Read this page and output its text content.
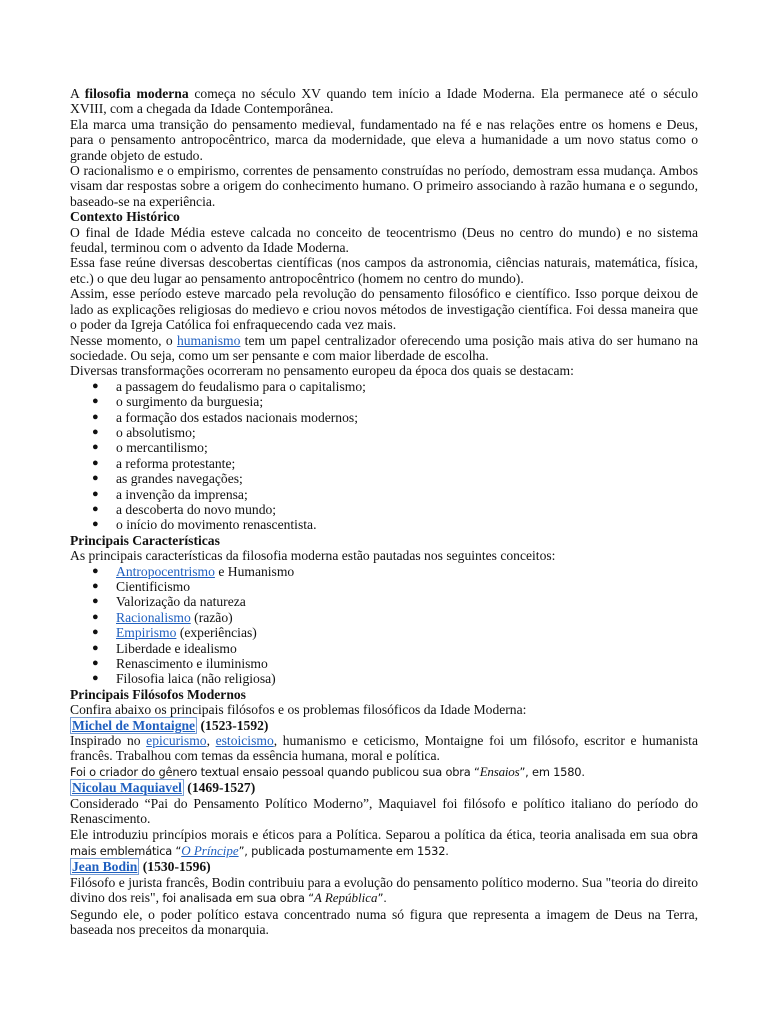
A filosofia moderna começa no século XV quando tem início a Idade Moderna. Ela permanece até o século XVIII, com a chegada da Idade Contemporânea.

Ela marca uma transição do pensamento medieval, fundamentado na fé e nas relações entre os homens e Deus, para o pensamento antropocêntrico, marca da modernidade, que eleva a humanidade a um novo status como o grande objeto de estudo.

O racionalismo e o empirismo, correntes de pensamento construídas no período, demostram essa mudança. Ambos visam dar respostas sobre a origem do conhecimento humano. O primeiro associando à razão humana e o segundo, baseado-se na experiência.

Contexto Histórico

O final de Idade Média esteve calcada no conceito de teocentrismo (Deus no centro do mundo) e no sistema feudal, terminou com o advento da Idade Moderna.

Essa fase reúne diversas descobertas científicas (nos campos da astronomia, ciências naturais, matemática, física, etc.) o que deu lugar ao pensamento antropocêntrico (homem no centro do mundo).

Assim, esse período esteve marcado pela revolução do pensamento filosófico e científico. Isso porque deixou de lado as explicações religiosas do medievo e criou novos métodos de investigação científica. Foi dessa maneira que o poder da Igreja Católica foi enfraquecendo cada vez mais.

Nesse momento, o humanismo tem um papel centralizador oferecendo uma posição mais ativa do ser humano na sociedade. Ou seja, como um ser pensante e com maior liberdade de escolha.

Diversas transformações ocorreram no pensamento europeu da época dos quais se destacam:

● a passagem do feudalismo para o capitalismo;
● o surgimento da burguesia;
● a formação dos estados nacionais modernos;
● o absolutismo;
● o mercantilismo;
● a reforma protestante;
● as grandes navegações;
● a invenção da imprensa;
● a descoberta do novo mundo;
● o início do movimento renascentista.
Principais Características

As principais características da filosofia moderna estão pautadas nos seguintes conceitos:

● Antropocentrismo e Humanismo
● Cientificismo
● Valorização da natureza
● Racionalismo (razão)
● Empirismo (experiências)
● Liberdade e idealismo
● Renascimento e iluminismo
● Filosofia laica (não religiosa)
Principais Filósofos Modernos

Confira abaixo os principais filósofos e os problemas filosóficos da Idade Moderna:

Michel de Montaigne (1523-1592)

Inspirado no epicurismo, estoicismo, humanismo e ceticismo, Montaigne foi um filósofo, escritor e humanista francês. Trabalhou com temas da essência humana, moral e política.

Foi o criador do gênero textual ensaio pessoal quando publicou sua obra “Ensaios”, em 1580.

Nicolau Maquiavel (1469-1527)

Considerado “Pai do Pensamento Político Moderno”, Maquiavel foi filósofo e político italiano do período do Renascimento.

Ele introduziu princípios morais e éticos para a Política. Separou a política da ética, teoria analisada em sua obra mais emblemática “O Príncipe”, publicada postumamente em 1532.

Jean Bodin (1530-1596)

Filósofo e jurista francês, Bodin contribuiu para a evolução do pensamento político moderno. Sua "teoria do direito divino dos reis", foi analisada em sua obra “A República”.

Segundo ele, o poder político estava concentrado numa só figura que representa a imagem de Deus na Terra, baseada nos preceitos da monarquia.
